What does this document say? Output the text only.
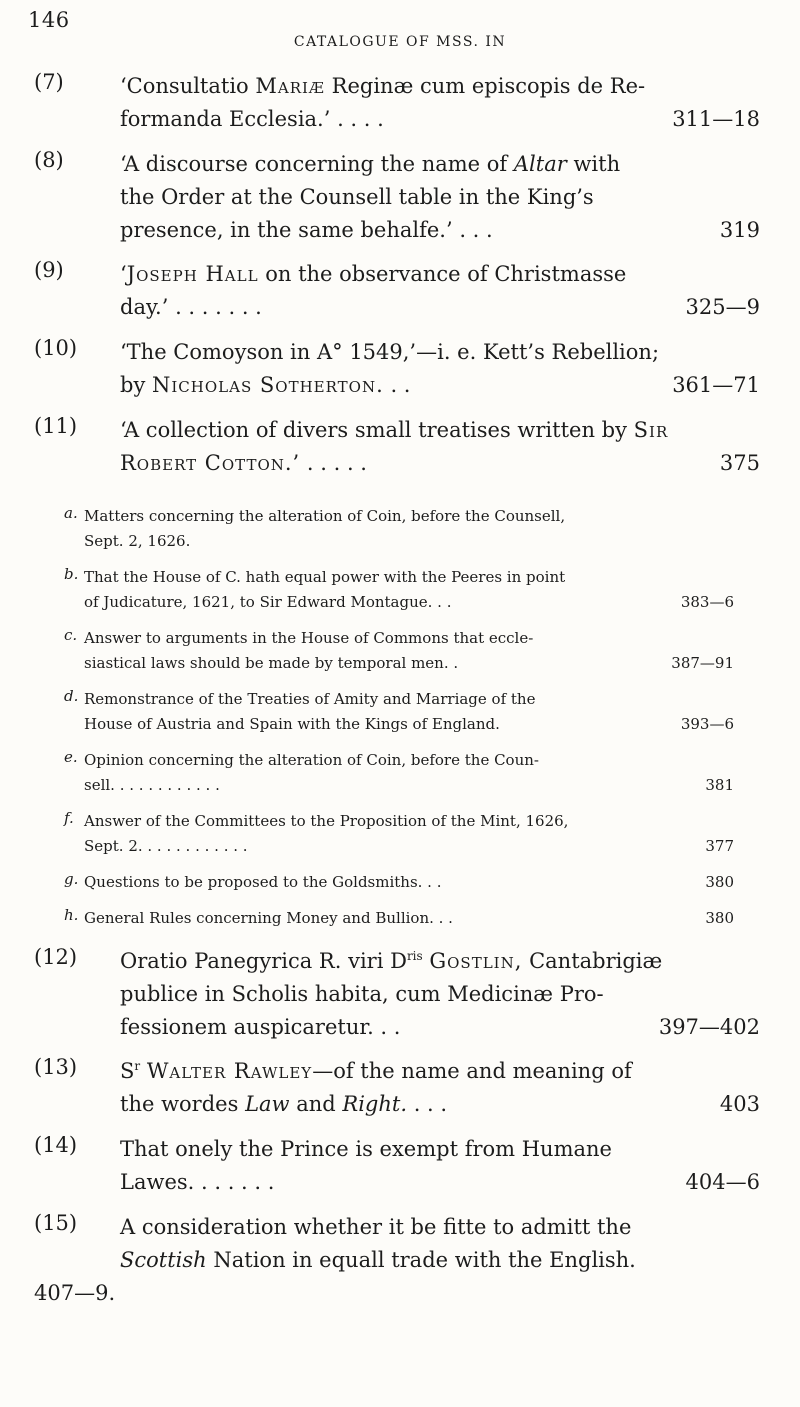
146
CATALOGUE OF MSS. IN
(7)	‘Consultatio Mariæ Reginæ cum episcopis de Re-
formanda Ecclesia.’ . . . .	311—18
(8)	‘A discourse concerning the name of Altar with
the Order at the Counsell table in the King’s
presence, in the same behalfe.’ . . .	319
(9)	‘Joseph Hall on the observance of Christmasse
day.’ . . . . . . .	325—9
(10) ‘The Comoyson in A° 1549,’—i. e. Kett’s Rebellion;
by Nicholas Sotherton. . .	361—71
(11) ‘A collection of divers small treatises written by Sir
Robert Cotton.’ . . . . .	375
a. Matters concerning the alteration of Coin, before the Counsell,
Sept. 2, 1626.
b. That the House of C. hath equal power with the Peeres in point
of Judicature, 1621, to Sir Edward Montague. . .	383—6
c. Answer to arguments in the House of Commons that eccle-
siastical laws should be made by temporal men. .	387—91
d. Remonstrance of the Treaties of Amity and Marriage of the
House of Austria and Spain with the Kings of England.	393—6
e. Opinion concerning the alteration of Coin, before the Coun-
sell. . . . . . . . . . . .	381
f. Answer of the Committees to the Proposition of the Mint, 1626,
Sept. 2. . . . . . . . . . . .	377
g. Questions to be proposed to the Goldsmiths. . .	380
h. General Rules concerning Money and Bullion. . .	380
(12) Oratio Panegyrica R. viri $D^{ris}$ Gostlin, Cantabrigiæ
publice in Scholis habita, cum Medicinæ Pro-
fessionem auspicaretur. . .	397—402
(13) $S^r$ Walter Rawley—of the name and meaning of
the wordes Law and Right. . . .	403
(14) That onely the Prince is exempt from Humane
Lawes. . . . . . .	404—6
(15) A consideration whether it be fitte to admitt the
Scottish Nation in equall trade with the English.
407—9.
